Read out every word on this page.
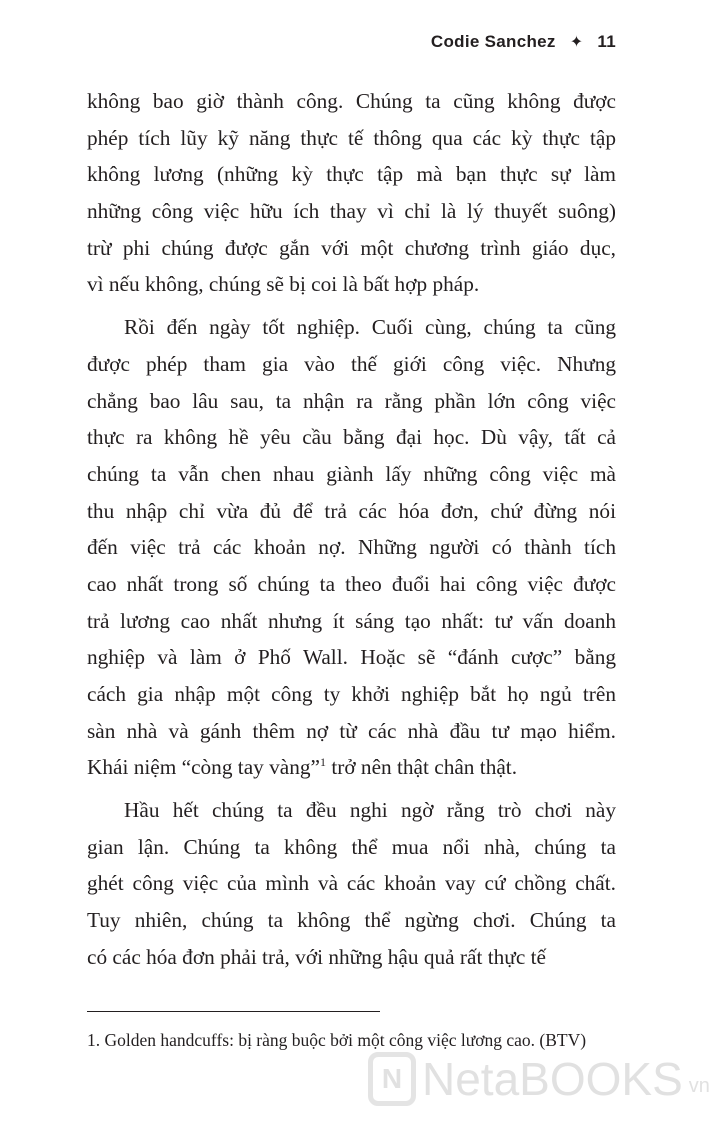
Codie Sanchez ✦ 11
không bao giờ thành công. Chúng ta cũng không được
phép tích lũy kỹ năng thực tế thông qua các kỳ thực tập
không lương (những kỳ thực tập mà bạn thực sự làm
những công việc hữu ích thay vì chỉ là lý thuyết suông)
trừ phi chúng được gắn với một chương trình giáo dục,
vì nếu không, chúng sẽ bị coi là bất hợp pháp.
Rồi đến ngày tốt nghiệp. Cuối cùng, chúng ta cũng
được phép tham gia vào thế giới công việc. Nhưng
chẳng bao lâu sau, ta nhận ra rằng phần lớn công việc
thực ra không hề yêu cầu bằng đại học. Dù vậy, tất cả
chúng ta vẫn chen nhau giành lấy những công việc mà
thu nhập chỉ vừa đủ để trả các hóa đơn, chứ đừng nói
đến việc trả các khoản nợ. Những người có thành tích
cao nhất trong số chúng ta theo đuổi hai công việc được
trả lương cao nhất nhưng ít sáng tạo nhất: tư vấn doanh
nghiệp và làm ở Phố Wall. Hoặc sẽ “đánh cược” bằng
cách gia nhập một công ty khởi nghiệp bắt họ ngủ trên
sàn nhà và gánh thêm nợ từ các nhà đầu tư mạo hiểm.
Khái niệm “còng tay vàng”$^1$ trở nên thật chân thật.
Hầu hết chúng ta đều nghi ngờ rằng trò chơi này
gian lận. Chúng ta không thể mua nổi nhà, chúng ta
ghét công việc của mình và các khoản vay cứ chồng chất.
Tuy nhiên, chúng ta không thể ngừng chơi. Chúng ta
có các hóa đơn phải trả, với những hậu quả rất thực tế
1. Golden handcuffs: bị ràng buộc bởi một công việc lương cao. (BTV)
N NetaBOOKS vn
